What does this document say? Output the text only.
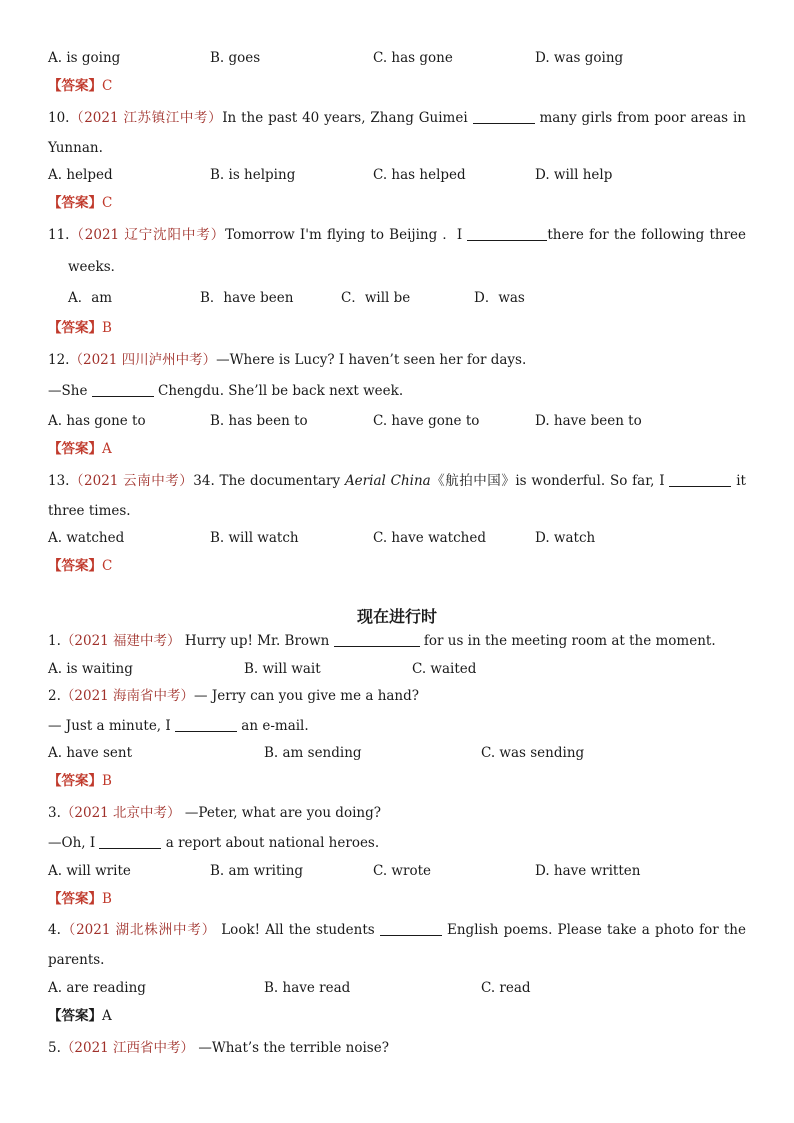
A. is going	B. goes	C. has gone	D. was going
【答案】C
10.（2021 江苏镇江中考）In the past 40 years, Zhang Guimei	many girls from poor areas in
Yunnan.
A. helped	B. is helping	C. has helped	D. will help
【答案】C
11.（2021 辽宁沈阳中考）Tomorrow I'm flying to Beijing ．I	there for the following three
weeks．
A．am	B．have been	C．will be	D．was
【答案】B
12.（2021 四川泸州中考）—Where is Lucy? I haven’t seen her for days.
—She	Chengdu. She’ll be back next week.
A. has gone to	B. has been to	C. have gone to	D. have been to
【答案】A
13.（2021 云南中考）34. The documentary Aerial China《航拍中国》is wonderful. So far, I	it
three times.
A. watched	B. will watch	C. have watched	D. watch
【答案】C
现在进行时
1.（2021 福建中考） Hurry up! Mr. Brown	for us in the meeting room at the moment.
A. is waiting	B. will wait	C. waited
2.（2021 海南省中考）— Jerry can you give me a hand?
— Just a minute, I	an e-mail.
A. have sent	B. am sending	C. was sending
【答案】B
3.（2021 北京中考） —Peter, what are you doing?
—Oh, I	a report about national heroes.
A. will write	B. am writing	C. wrote	D. have written
【答案】B
4.（2021 湖北株洲中考） Look! All the students	English poems. Please take a photo for the
parents.
A. are reading	B. have read	C. read
【答案】A
5.（2021 江西省中考） —What’s the terrible noise?
